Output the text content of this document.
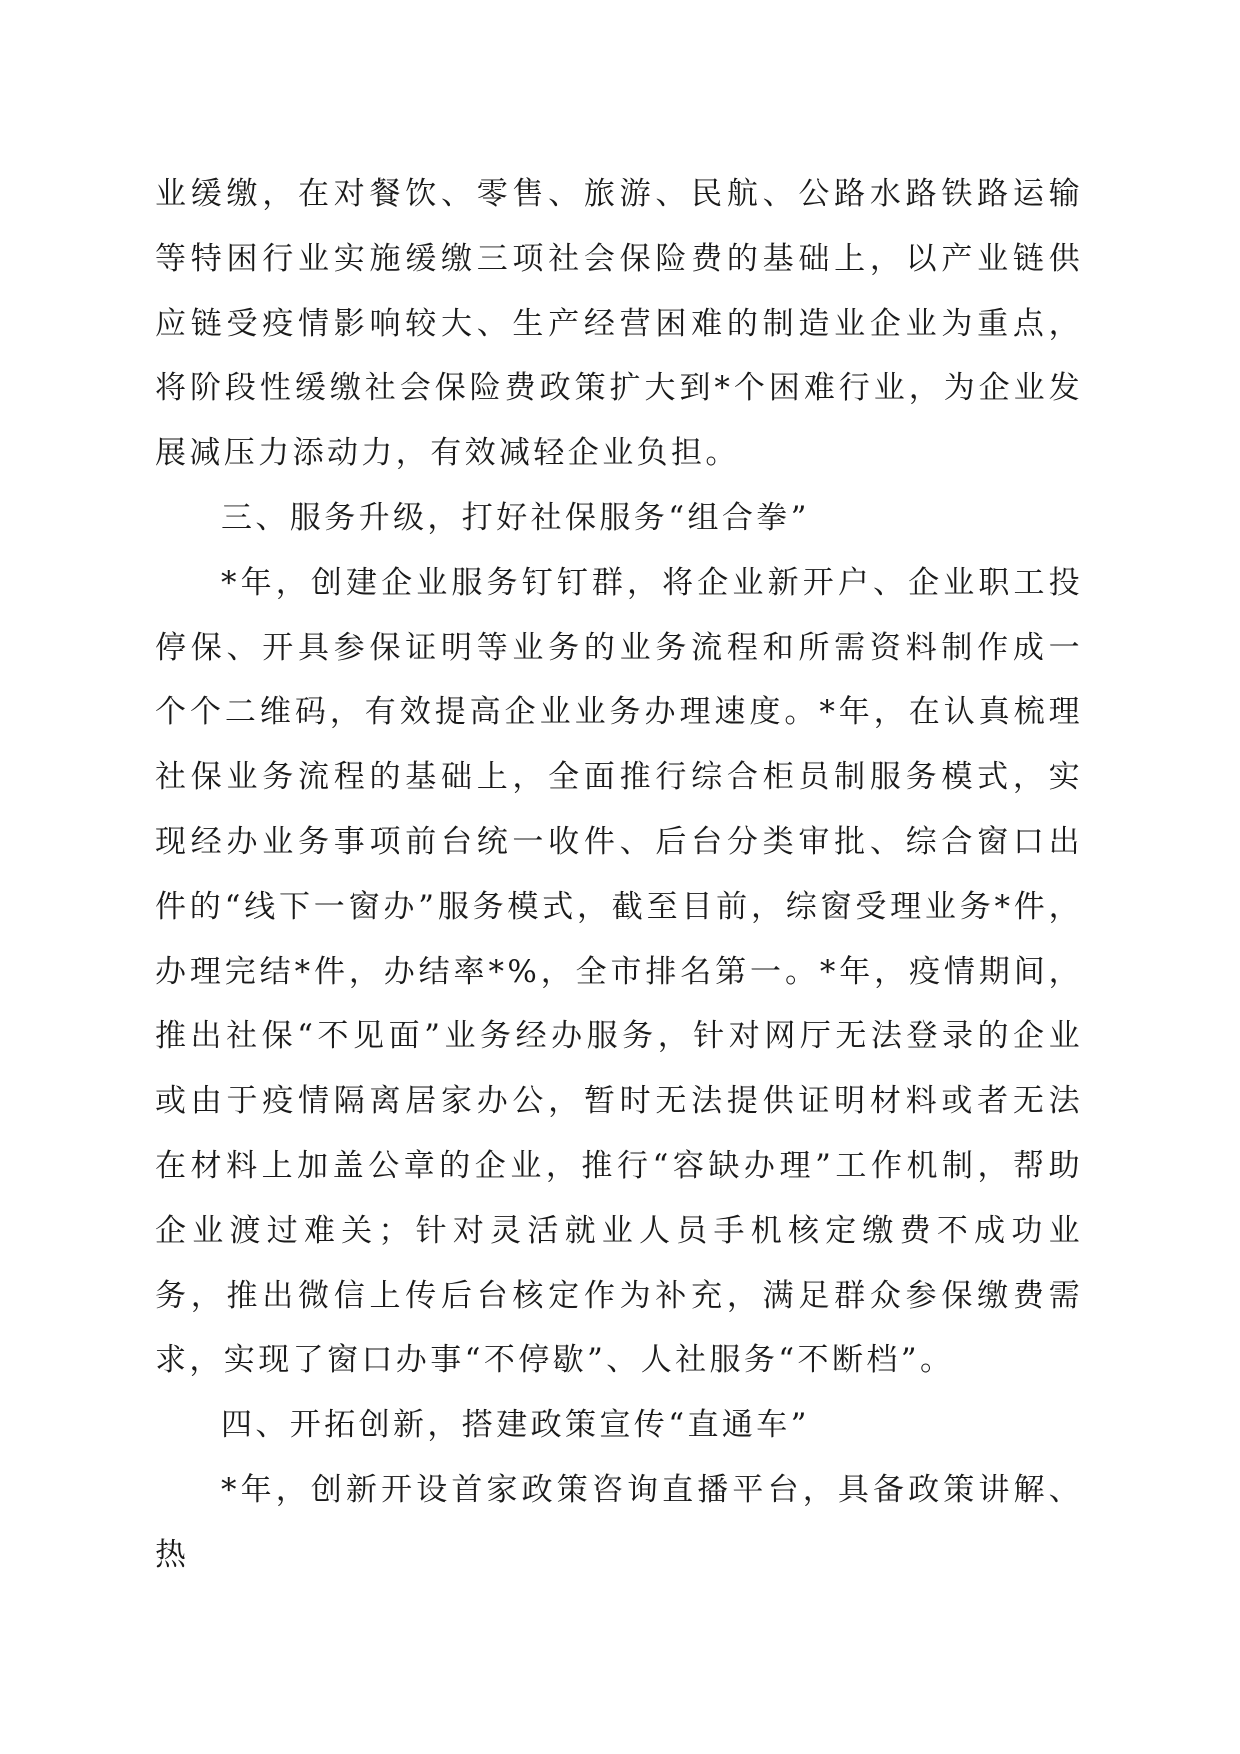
业缓缴，在对餐饮、零售、旅游、民航、公路水路铁路运输等特困行业实施缓缴三项社会保险费的基础上，以产业链供应链受疫情影响较大、生产经营困难的制造业企业为重点，将阶段性缓缴社会保险费政策扩大到*个困难行业，为企业发展减压力添动力，有效减轻企业负担。

三、服务升级，打好社保服务“组合拳”

*年，创建企业服务钉钉群，将企业新开户、企业职工投停保、开具参保证明等业务的业务流程和所需资料制作成一个个二维码，有效提高企业业务办理速度。*年，在认真梳理社保业务流程的基础上，全面推行综合柜员制服务模式，实现经办业务事项前台统一收件、后台分类审批、综合窗口出件的“线下一窗办”服务模式，截至目前，综窗受理业务*件，办理完结*件，办结率*%，全市排名第一。*年，疫情期间，推出社保“不见面”业务经办服务，针对网厅无法登录的企业或由于疫情隔离居家办公，暂时无法提供证明材料或者无法在材料上加盖公章的企业，推行“容缺办理”工作机制，帮助企业渡过难关；针对灵活就业人员手机核定缴费不成功业务，推出微信上传后台核定作为补充，满足群众参保缴费需求，实现了窗口办事“不停歇”、人社服务“不断档”。

四、开拓创新，搭建政策宣传“直通车”

*年，创新开设首家政策咨询直播平台，具备政策讲解、热
